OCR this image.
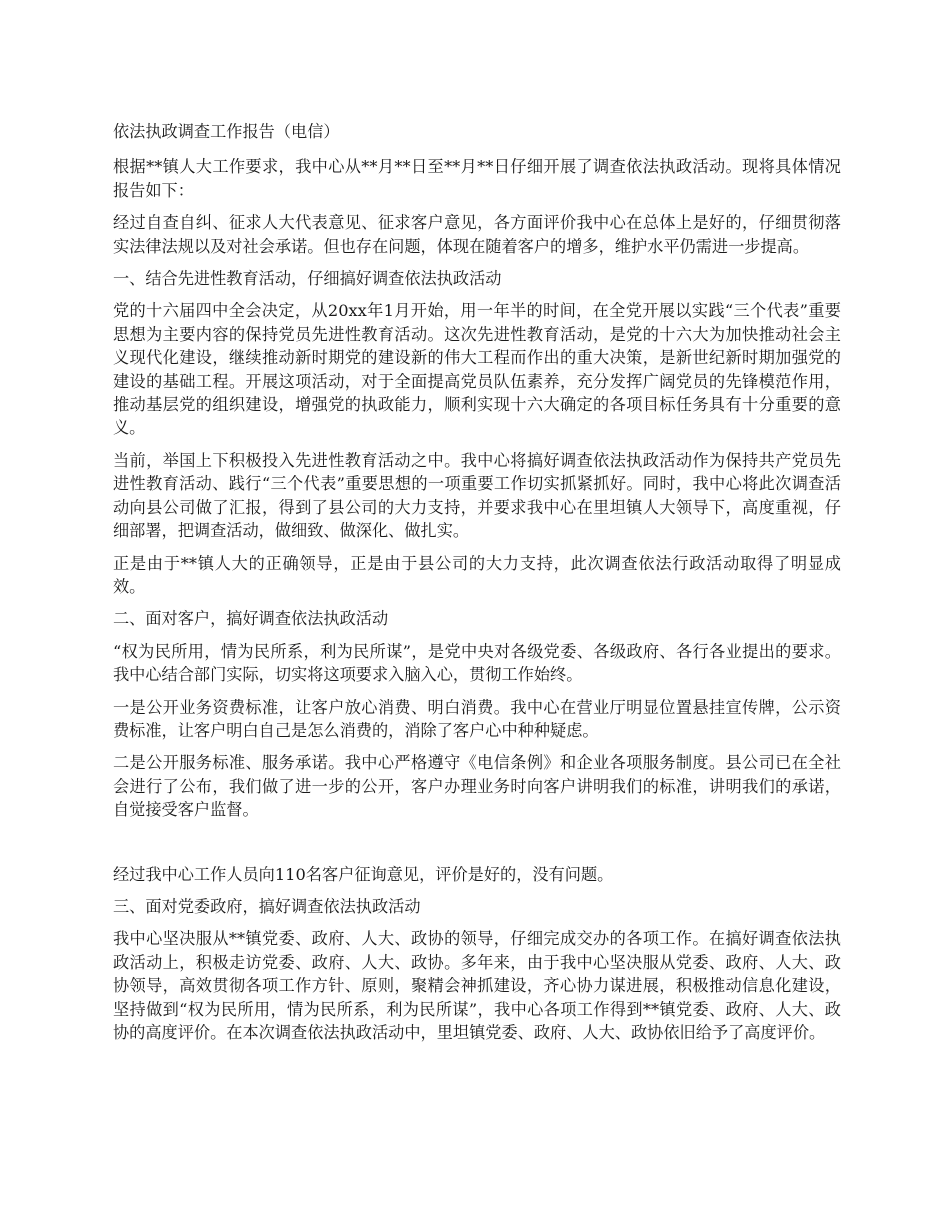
依法执政调查工作报告（电信）

根据**镇人大工作要求，我中心从**月**日至**月**日仔细开展了调查依法执政活动。现将具体情况报告如下：

经过自查自纠、征求人大代表意见、征求客户意见，各方面评价我中心在总体上是好的，仔细贯彻落实法律法规以及对社会承诺。但也存在问题，体现在随着客户的增多，维护水平仍需进一步提高。

一、结合先进性教育活动，仔细搞好调查依法执政活动

党的十六届四中全会决定，从20xx年1月开始，用一年半的时间，在全党开展以实践“三个代表”重要思想为主要内容的保持党员先进性教育活动。这次先进性教育活动，是党的十六大为加快推动社会主义现代化建设，继续推动新时期党的建设新的伟大工程而作出的重大决策，是新世纪新时期加强党的建设的基础工程。开展这项活动，对于全面提高党员队伍素养，充分发挥广阔党员的先锋模范作用，推动基层党的组织建设，增强党的执政能力，顺利实现十六大确定的各项目标任务具有十分重要的意义。

当前，举国上下积极投入先进性教育活动之中。我中心将搞好调查依法执政活动作为保持共产党员先进性教育活动、践行“三个代表”重要思想的一项重要工作切实抓紧抓好。同时，我中心将此次调查活动向县公司做了汇报，得到了县公司的大力支持，并要求我中心在里坦镇人大领导下，高度重视，仔细部署，把调查活动，做细致、做深化、做扎实。

正是由于**镇人大的正确领导，正是由于县公司的大力支持，此次调查依法行政活动取得了明显成效。

二、面对客户，搞好调查依法执政活动

“权为民所用，情为民所系，利为民所谋”，是党中央对各级党委、各级政府、各行各业提出的要求。我中心结合部门实际，切实将这项要求入脑入心，贯彻工作始终。

一是公开业务资费标准，让客户放心消费、明白消费。我中心在营业厅明显位置悬挂宣传牌，公示资费标准，让客户明白自己是怎么消费的，消除了客户心中种种疑虑。

二是公开服务标准、服务承诺。我中心严格遵守《电信条例》和企业各项服务制度。县公司已在全社会进行了公布，我们做了进一步的公开，客户办理业务时向客户讲明我们的标准，讲明我们的承诺，自觉接受客户监督。

经过我中心工作人员向110名客户征询意见，评价是好的，没有问题。

三、面对党委政府，搞好调查依法执政活动

我中心坚决服从**镇党委、政府、人大、政协的领导，仔细完成交办的各项工作。在搞好调查依法执政活动上，积极走访党委、政府、人大、政协。多年来，由于我中心坚决服从党委、政府、人大、政协领导，高效贯彻各项工作方针、原则，聚精会神抓建设，齐心协力谋进展，积极推动信息化建设，坚持做到“权为民所用，情为民所系，利为民所谋”，我中心各项工作得到**镇党委、政府、人大、政协的高度评价。在本次调查依法执政活动中，里坦镇党委、政府、人大、政协依旧给予了高度评价。
